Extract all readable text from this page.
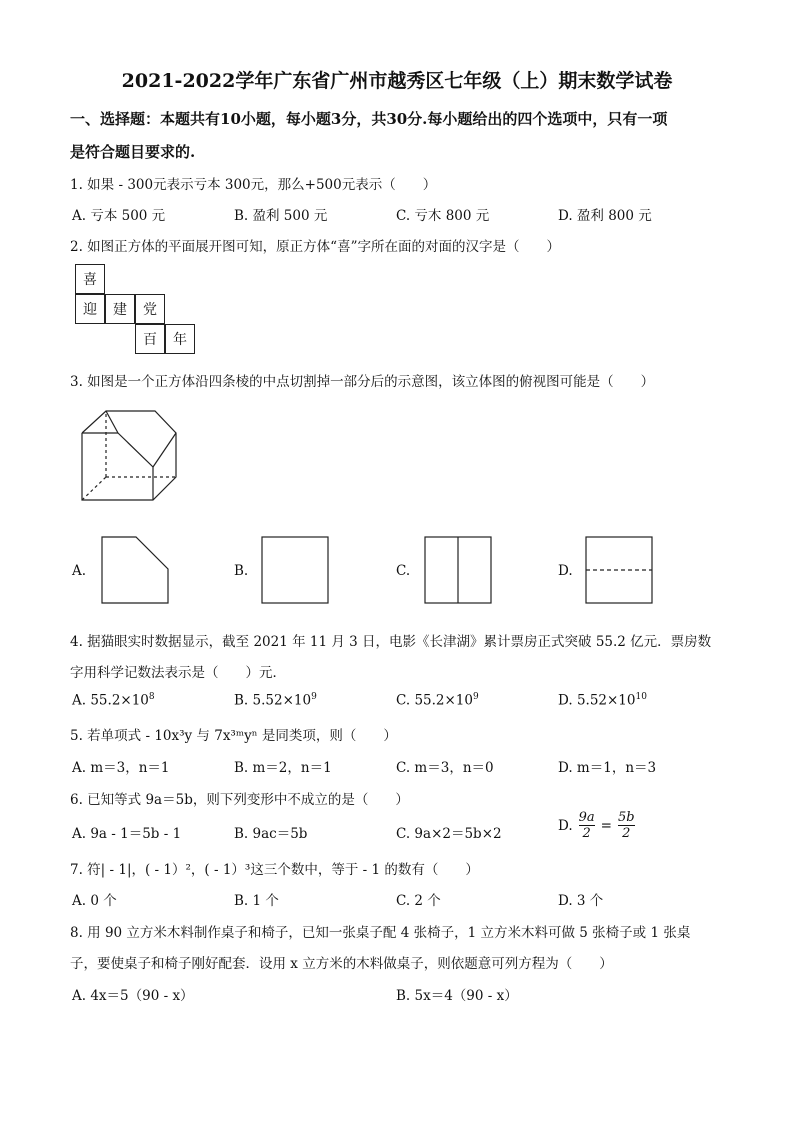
2021-2022学年广东省广州市越秀区七年级（上）期末数学试卷
一、选择题：本题共有10小题，每小题3分，共30分.每小题给出的四个选项中，只有一项
是符合题目要求的.
1. 如果 - 300元表示亏本 300元，那么+500元表示（　　）
A. 亏本 500 元	B. 盈利 500 元	C. 亏木 800 元	D. 盈利 800 元
2. 如图正方体的平面展开图可知，原正方体“喜”字所在面的对面的汉字是（　　）
喜
迎	建	党
百	年
3. 如图是一个正方体沿四条棱的中点切割掉一部分后的示意图，该立体图的俯视图可能是（　　）
A.	B.	C.	D.
4. 据猫眼实时数据显示，截至 2021 年 11 月 3 日，电影《长津湖》累计票房正式突破 55.2 亿元．票房数
字用科学记数法表示是（　　）元．
A. $55.2\times 10^8$	B. $5.52\times 10^9$	C. $55.2\times 10^9$	D. $5.52\times 10^{10}$
5. 若单项式 - 10x³y 与 7x³ᵐyⁿ 是同类项，则（　　）
A. m＝3，n＝1	B. m＝2，n＝1	C. m＝3，n＝0	D. m＝1，n＝3
6. 已知等式 9a＝5b，则下列变形中不成立的是（　　）
A. 9a - 1＝5b - 1	B. 9ac＝5b	C. 9a×2＝5b×2
D. $\frac{9a}{2} = \frac{5b}{2}$
7. 符| - 1|，( - 1）²，( - 1）³这三个数中，等于 - 1 的数有（　　）
A. 0 个	B. 1 个	C. 2 个	D. 3 个
8. 用 90 立方米木料制作桌子和椅子，已知一张桌子配 4 张椅子，1 立方米木料可做 5 张椅子或 1 张桌
子，要使桌子和椅子刚好配套．设用 x 立方米的木料做桌子，则依题意可列方程为（　　）
A. 4x＝5（90 - x）	B. 5x＝4（90 - x）
